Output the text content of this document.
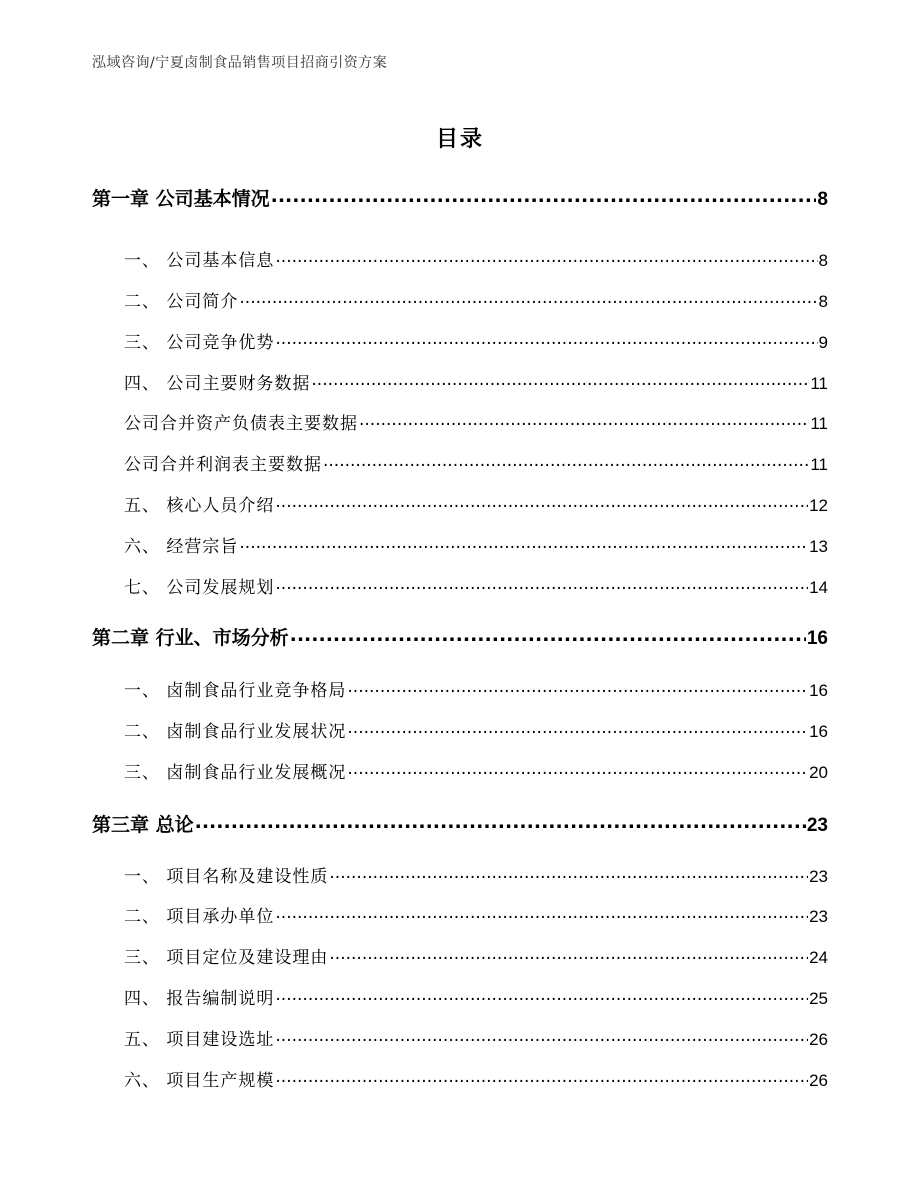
泓域咨询/宁夏卤制食品销售项目招商引资方案
目录
第一章 公司基本情况 .....	8
一、 公司基本信息 .....	8
二、 公司简介 .....	8
三、 公司竞争优势 .....	9
四、 公司主要财务数据 .....	11
公司合并资产负债表主要数据 .....	11
公司合并利润表主要数据 .....	11
五、 核心人员介绍 .....	12
六、 经营宗旨 .....	13
七、 公司发展规划 .....	14
第二章 行业、市场分析 .....	16
一、 卤制食品行业竞争格局 .....	16
二、 卤制食品行业发展状况 .....	16
三、 卤制食品行业发展概况 .....	20
第三章 总论 .....	23
一、 项目名称及建设性质 .....	23
二、 项目承办单位 .....	23
三、 项目定位及建设理由 .....	24
四、 报告编制说明 .....	25
五、 项目建设选址 .....	26
六、 项目生产规模 .....	26
